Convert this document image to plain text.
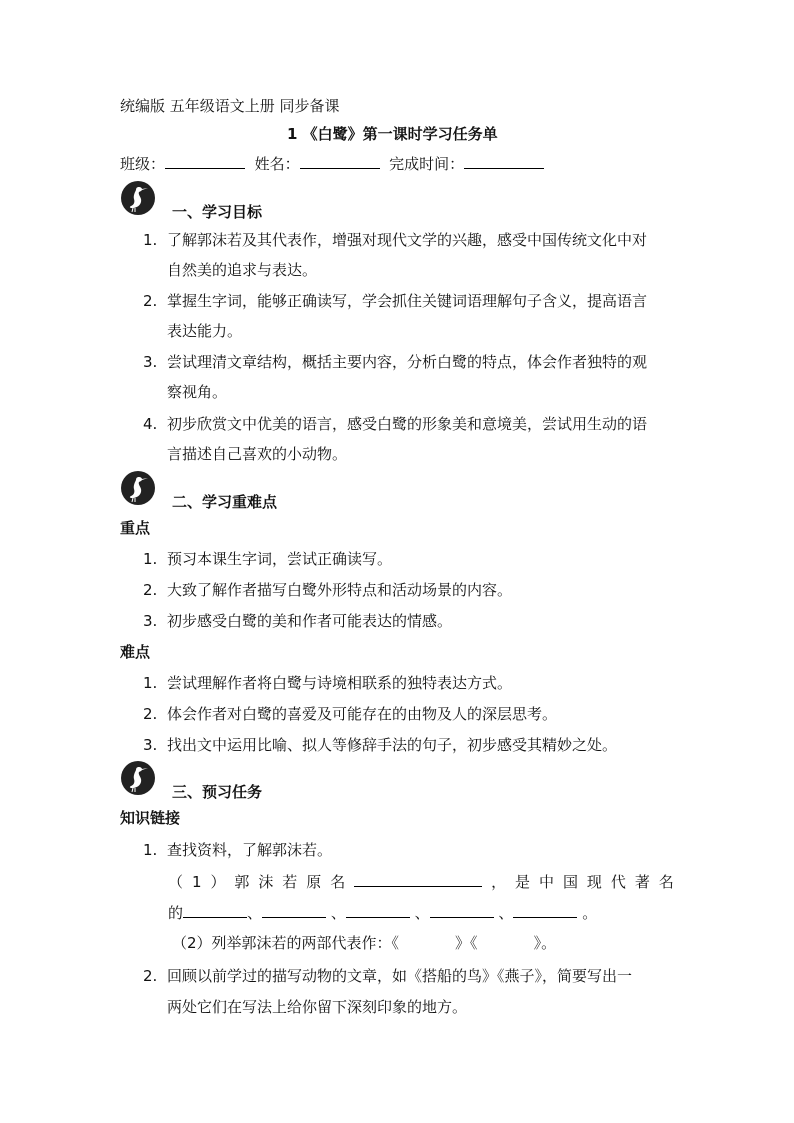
统编版 五年级语文上册 同步备课
1 《白鹭》第一课时学习任务单
班级：	姓名：	完成时间：
一、学习目标
1. 了解郭沫若及其代表作，增强对现代文学的兴趣，感受中国传统文化中对
自然美的追求与表达。
2. 掌握生字词，能够正确读写，学会抓住关键词语理解句子含义，提高语言
表达能力。
3. 尝试理清文章结构，概括主要内容，分析白鹭的特点，体会作者独特的观
察视角。
4. 初步欣赏文中优美的语言，感受白鹭的形象美和意境美，尝试用生动的语
言描述自己喜欢的小动物。
二、学习重难点
重点
1. 预习本课生字词，尝试正确读写。
2. 大致了解作者描写白鹭外形特点和活动场景的内容。
3. 初步感受白鹭的美和作者可能表达的情感。
难点
1. 尝试理解作者将白鹭与诗境相联系的独特表达方式。
2. 体会作者对白鹭的喜爱及可能存在的由物及人的深层思考。
3. 找出文中运用比喻、拟人等修辞手法的句子，初步感受其精妙之处。
三、预习任务
知识链接
1. 查找资料，了解郭沫若。
（ 1 ） 郭 沫 若 原 名	， 是 中 国 现 代 著 名
的	、	、	、	、	。
（2）列举郭沫若的两部代表作：《	》《	》。
2. 回顾以前学过的描写动物的文章，如《搭船的鸟》《燕子》，简要写出一
两处它们在写法上给你留下深刻印象的地方。
